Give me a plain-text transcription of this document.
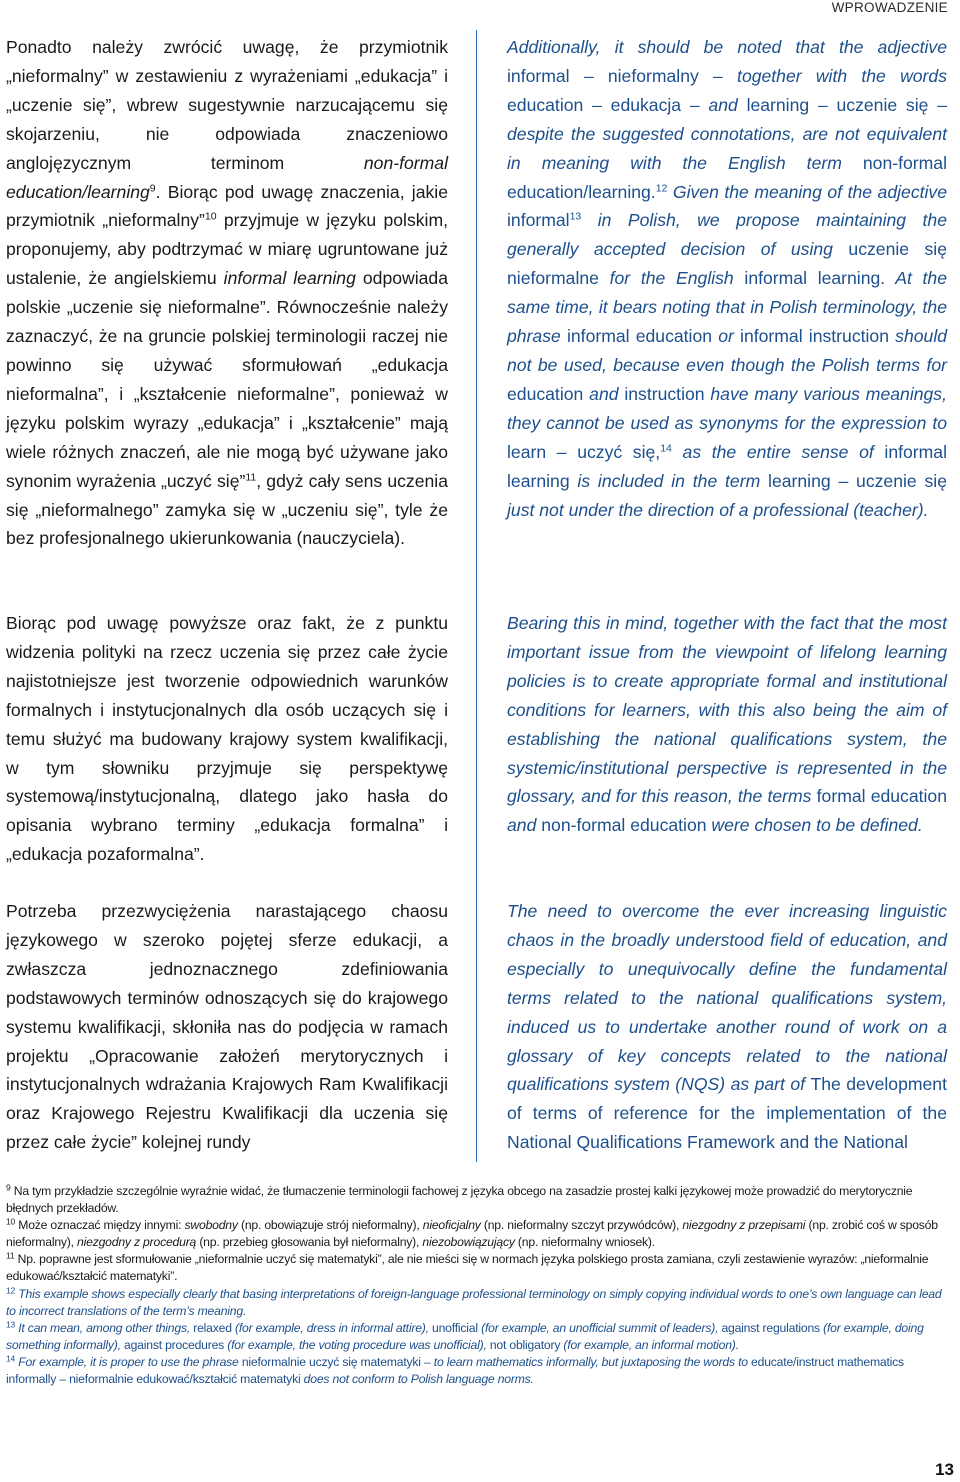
WPROWADZENIE

Ponadto należy zwrócić uwagę, że przymiotnik „nieformalny” w zestawieniu z wyrażeniami „edukacja” i „uczenie się”, wbrew sugestywnie narzucającemu się skojarzeniu, nie odpowiada znaczeniowo anglojęzycznym terminom non-formal education/learning$^9$. Biorąc pod uwagę znaczenia, jakie przymiotnik „nieformalny”$^{10}$ przyjmuje w języku polskim, proponujemy, aby podtrzymać w miarę ugruntowane już ustalenie, że angielskiemu informal learning odpowiada polskie „uczenie się nieformalne”. Równocześnie należy zaznaczyć, że na gruncie polskiej terminologii raczej nie powinno się używać sformułowań „edukacja nieformalna”, i „kształcenie nieformalne”, ponieważ w języku polskim wyrazy „edukacja” i „kształcenie” mają wiele różnych znaczeń, ale nie mogą być używane jako synonim wyrażenia „uczyć się”$^{11}$, gdyż cały sens uczenia się „nieformalnego” zamyka się w „uczeniu się”, tyle że bez profesjonalnego ukierunkowania (nauczyciela).

Biorąc pod uwagę powyższe oraz fakt, że z punktu widzenia polityki na rzecz uczenia się przez całe życie najistotniejsze jest tworzenie odpowiednich warunków formalnych i instytucjonalnych dla osób uczących się i temu służyć ma budowany krajowy system kwalifikacji, w tym słowniku przyjmuje się perspektywę systemową/instytucjonalną, dlatego jako hasła do opisania wybrano terminy „edukacja formalna” i „edukacja pozaformalna”.

Potrzeba przezwyciężenia narastającego chaosu językowego w szeroko pojętej sferze edukacji, a zwłaszcza jednoznacznego zdefiniowania podstawowych terminów odnoszących się do krajowego systemu kwalifikacji, skłoniła nas do podjęcia w ramach projektu „Opracowanie założeń merytorycznych i instytucjonalnych wdrażania Krajowych Ram Kwalifikacji oraz Krajowego Rejestru Kwalifikacji dla uczenia się przez całe życie” kolejnej rundy

Additionally, it should be noted that the adjective informal – nieformalny – together with the words education – edukacja – and learning – uczenie się – despite the suggested connotations, are not equivalent in meaning with the English term non-formal education/learning.$^{12}$ Given the meaning of the adjective informal$^{13}$ in Polish, we propose maintaining the generally accepted decision of using uczenie się nieformalne for the English informal learning. At the same time, it bears noting that in Polish terminology, the phrase informal education or informal instruction should not be used, because even though the Polish terms for education and instruction have many various meanings, they cannot be used as synonyms for the expression to learn – uczyć się,$^{14}$ as the entire sense of informal learning is included in the term learning – uczenie się just not under the direction of a professional (teacher).

Bearing this in mind, together with the fact that the most important issue from the viewpoint of lifelong learning policies is to create appropriate formal and institutional conditions for learners, with this also being the aim of establishing the national qualifications system, the systemic/institutional perspective is represented in the glossary, and for this reason, the terms formal education and non-formal education were chosen to be defined.

The need to overcome the ever increasing linguistic chaos in the broadly understood field of education, and especially to unequivocally define the fundamental terms related to the national qualifications system, induced us to undertake another round of work on a glossary of key concepts related to the national qualifications system (NQS) as part of The development of terms of reference for the implementation of the National Qualifications Framework and the National

$^9$ Na tym przykładzie szczególnie wyraźnie widać, że tłumaczenie terminologii fachowej z języka obcego na zasadzie prostej kalki językowej może prowadzić do merytorycznie błędnych przekładów.

$^{10}$ Może oznaczać między innymi: swobodny (np. obowiązuje strój nieformalny), nieoficjalny (np. nieformalny szczyt przywódców), niezgodny z przepisami (np. zrobić coś w sposób nieformalny), niezgodny z procedurą (np. przebieg głosowania był nieformalny), niezobowiązujący (np. nieformalny wniosek).

$^{11}$ Np. poprawne jest sformułowanie „nieformalnie uczyć się matematyki”, ale nie mieści się w normach języka polskiego prosta zamiana, czyli zestawienie wyrazów: „nieformalnie edukować/kształcić matematyki”.

$^{12}$ This example shows especially clearly that basing interpretations of foreign-language professional terminology on simply copying individual words to one’s own language can lead to incorrect translations of the term’s meaning.

$^{13}$ It can mean, among other things, relaxed (for example, dress in informal attire), unofficial (for example, an unofficial summit of leaders), against regulations (for example, doing something informally), against procedures (for example, the voting procedure was unofficial), not obligatory (for example, an informal motion).

$^{14}$ For example, it is proper to use the phrase nieformalnie uczyć się matematyki – to learn mathematics informally, but juxtaposing the words to educate/instruct mathematics informally – nieformalnie edukować/kształcić matematyki does not conform to Polish language norms.

13
